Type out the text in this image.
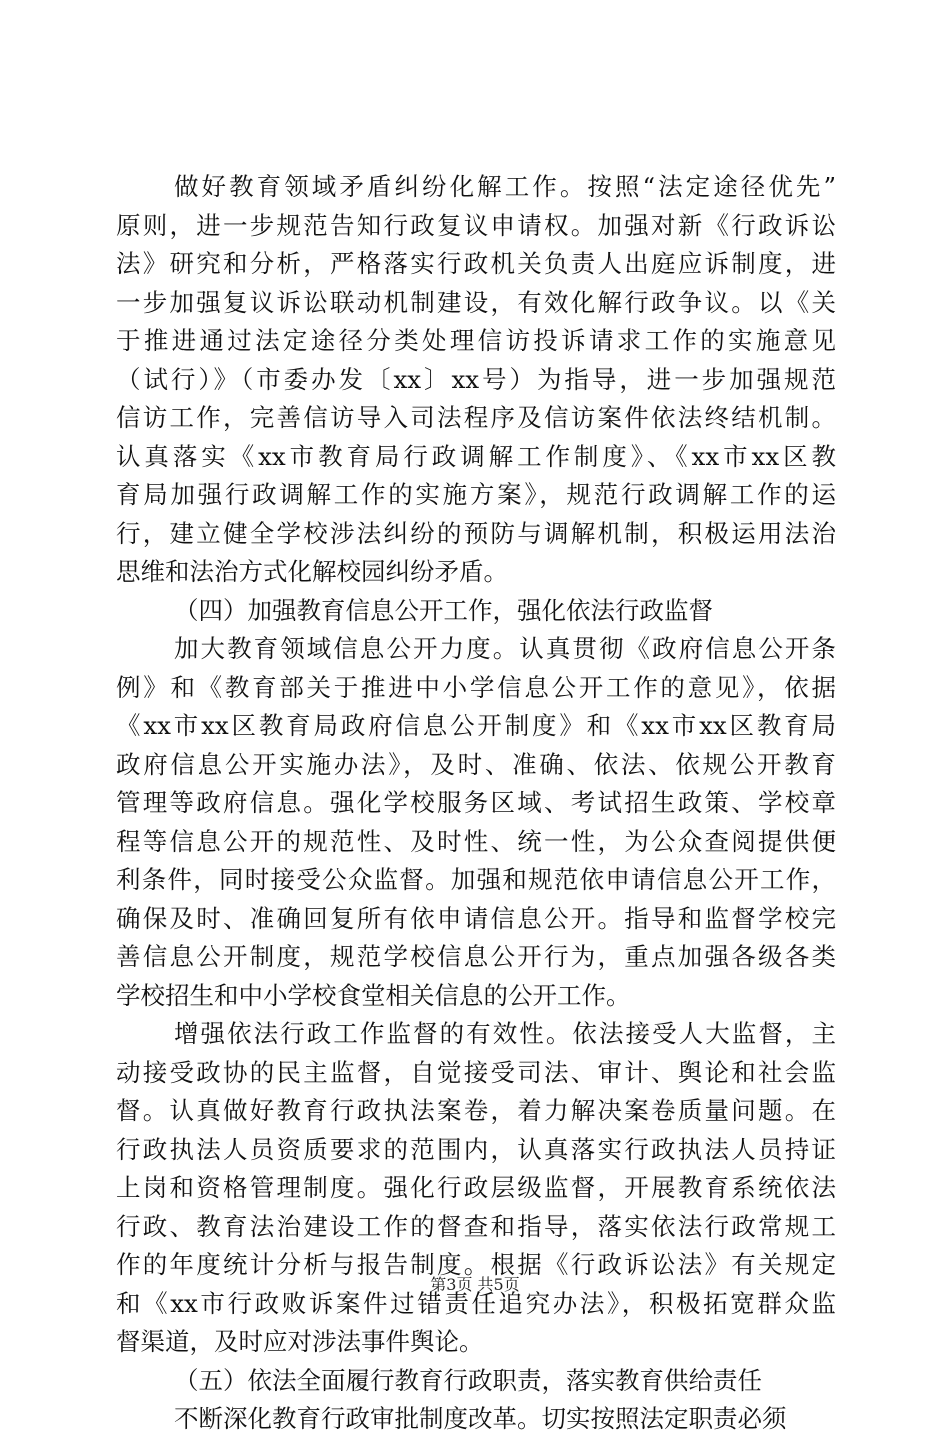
做好教育领域矛盾纠纷化解工作。按照“法定途径优先”
原则，进一步规范告知行政复议申请权。加强对新《行政诉讼
法》研究和分析，严格落实行政机关负责人出庭应诉制度，进
一步加强复议诉讼联动机制建设，有效化解行政争议。以《关
于推进通过法定途径分类处理信访投诉请求工作的实施意见
（试行）》（市委办发〔xx〕xx号）为指导，进一步加强规范
信访工作，完善信访导入司法程序及信访案件依法终结机制。
认真落实《xx市教育局行政调解工作制度》、《xx市xx区教
育局加强行政调解工作的实施方案》，规范行政调解工作的运
行，建立健全学校涉法纠纷的预防与调解机制，积极运用法治
思维和法治方式化解校园纠纷矛盾。
（四）加强教育信息公开工作，强化依法行政监督
加大教育领域信息公开力度。认真贯彻《政府信息公开条
例》和《教育部关于推进中小学信息公开工作的意见》，依据
《xx市xx区教育局政府信息公开制度》和《xx市xx区教育局
政府信息公开实施办法》，及时、准确、依法、依规公开教育
管理等政府信息。强化学校服务区域、考试招生政策、学校章
程等信息公开的规范性、及时性、统一性，为公众查阅提供便
利条件，同时接受公众监督。加强和规范依申请信息公开工作，
确保及时、准确回复所有依申请信息公开。指导和监督学校完
善信息公开制度，规范学校信息公开行为，重点加强各级各类
学校招生和中小学校食堂相关信息的公开工作。
增强依法行政工作监督的有效性。依法接受人大监督，主
动接受政协的民主监督，自觉接受司法、审计、舆论和社会监
督。认真做好教育行政执法案卷，着力解决案卷质量问题。在
行政执法人员资质要求的范围内，认真落实行政执法人员持证
上岗和资格管理制度。强化行政层级监督，开展教育系统依法
行政、教育法治建设工作的督查和指导，落实依法行政常规工
作的年度统计分析与报告制度。根据《行政诉讼法》有关规定
和《xx市行政败诉案件过错责任追究办法》，积极拓宽群众监
督渠道，及时应对涉法事件舆论。
（五）依法全面履行教育行政职责，落实教育供给责任
不断深化教育行政审批制度改革。切实按照法定职责必须
第3页 共5页
